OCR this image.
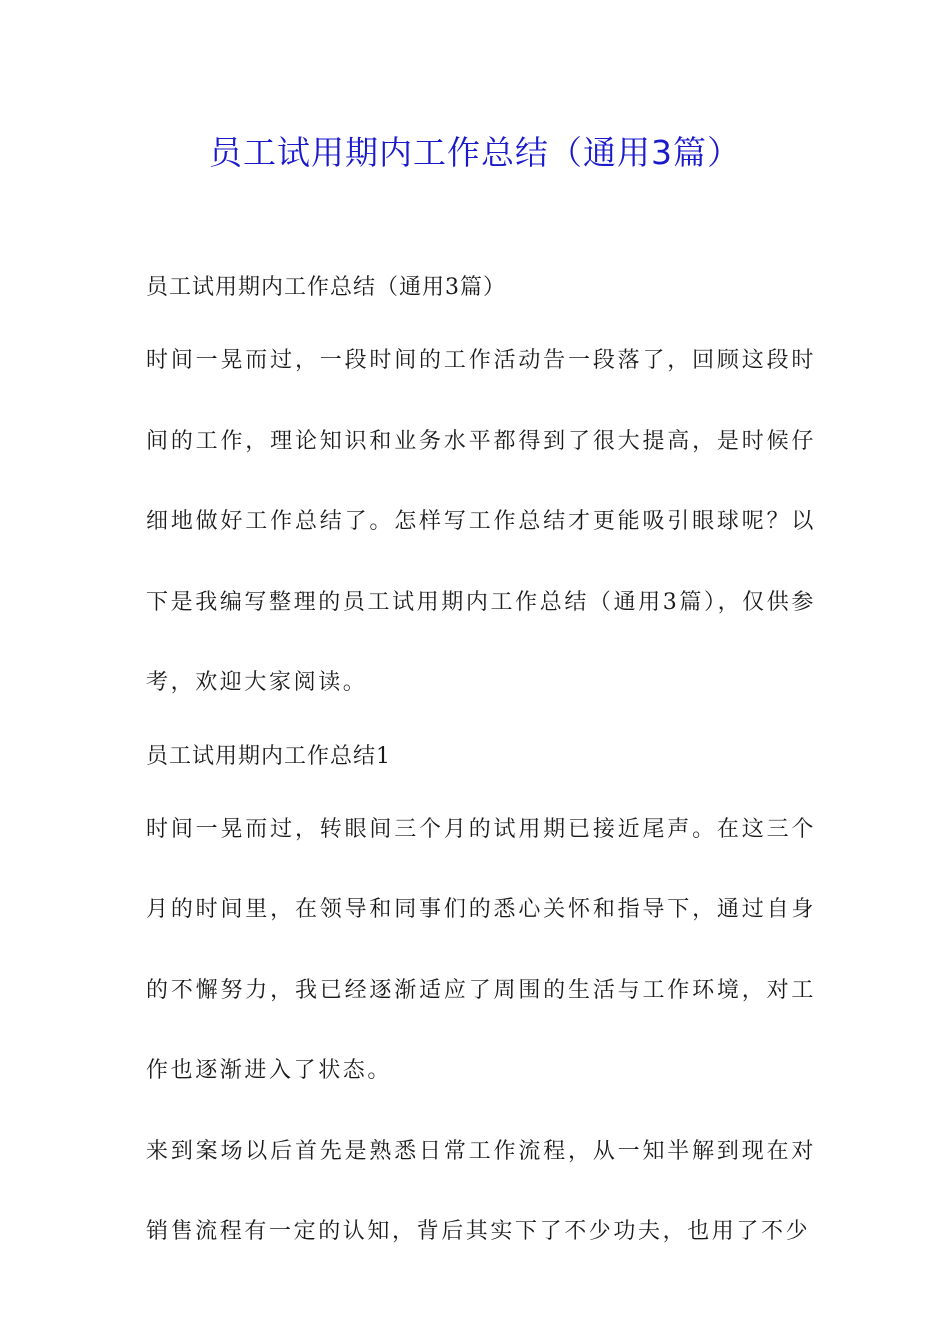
员工试用期内工作总结（通用3篇）

员工试用期内工作总结（通用3篇）

时间一晃而过，一段时间的工作活动告一段落了，回顾这段时间的工作，理论知识和业务水平都得到了很大提高，是时候仔细地做好工作总结了。怎样写工作总结才更能吸引眼球呢？以下是我编写整理的员工试用期内工作总结（通用3篇），仅供参考，欢迎大家阅读。

员工试用期内工作总结1

时间一晃而过，转眼间三个月的试用期已接近尾声。在这三个月的时间里，在领导和同事们的悉心关怀和指导下，通过自身的不懈努力，我已经逐渐适应了周围的生活与工作环境，对工作也逐渐进入了状态。

来到案场以后首先是熟悉日常工作流程，从一知半解到现在对销售流程有一定的认知，背后其实下了不少功夫，也用了不少
